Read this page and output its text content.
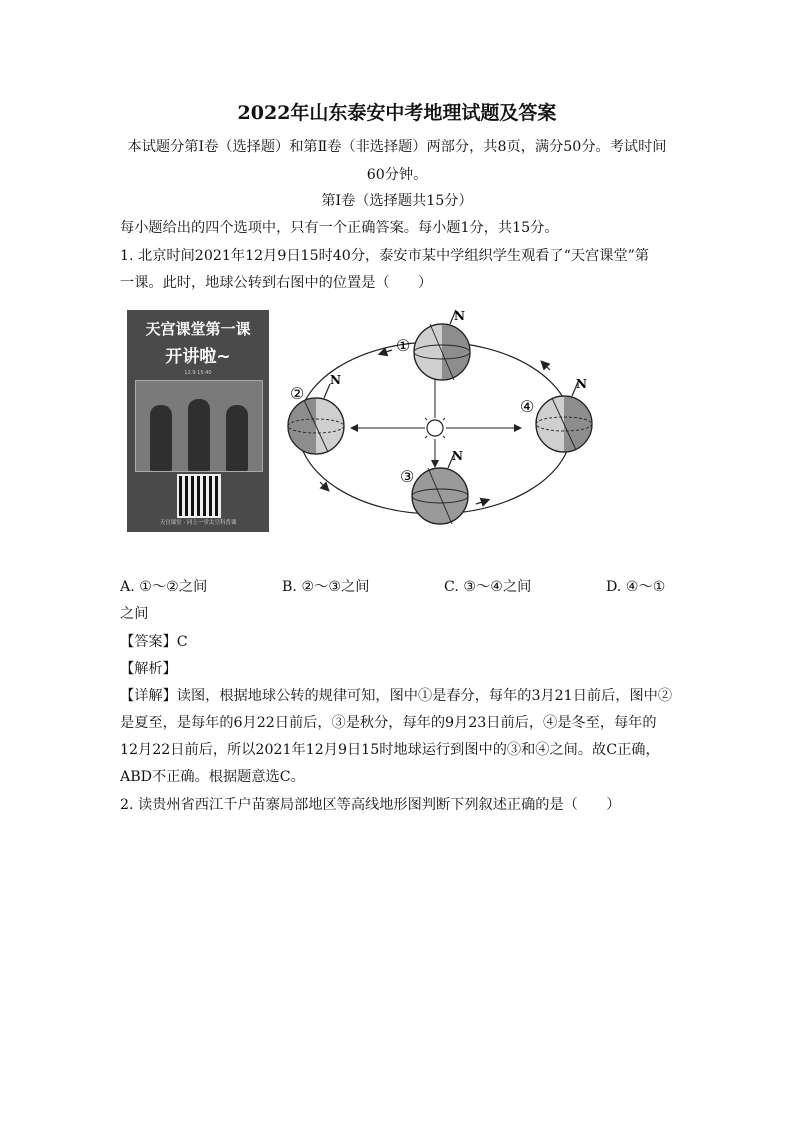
2022年山东泰安中考地理试题及答案
本试题分第Ⅰ卷（选择题）和第Ⅱ卷（非选择题）两部分，共8页，满分50分。考试时间
60分钟。
第Ⅰ卷（选择题共15分）
每小题给出的四个选项中，只有一个正确答案。每小题1分，共15分。
1. 北京时间2021年12月9日15时40分，泰安市某中学组织学生观看了“天宫课堂”第
一课。此时，地球公转到右图中的位置是（　　）
天宫课堂第一课
开讲啦~
12.9 15:40
天宫课堂 · 同上一堂太空科普课
N
①
N
②
N
③
N
④
A. ①～②之间	B. ②～③之间	C. ③～④之间	D. ④～①
之间
【答案】C
【解析】
【详解】读图，根据地球公转的规律可知，图中①是春分，每年的3月21日前后，图中②
是夏至，是每年的6月22日前后，③是秋分，每年的9月23日前后，④是冬至，每年的
12月22日前后，所以2021年12月9日15时地球运行到图中的③和④之间。故C正确，
ABD不正确。根据题意选C。
2. 读贵州省西江千户苗寨局部地区等高线地形图判断下列叙述正确的是（　　）
